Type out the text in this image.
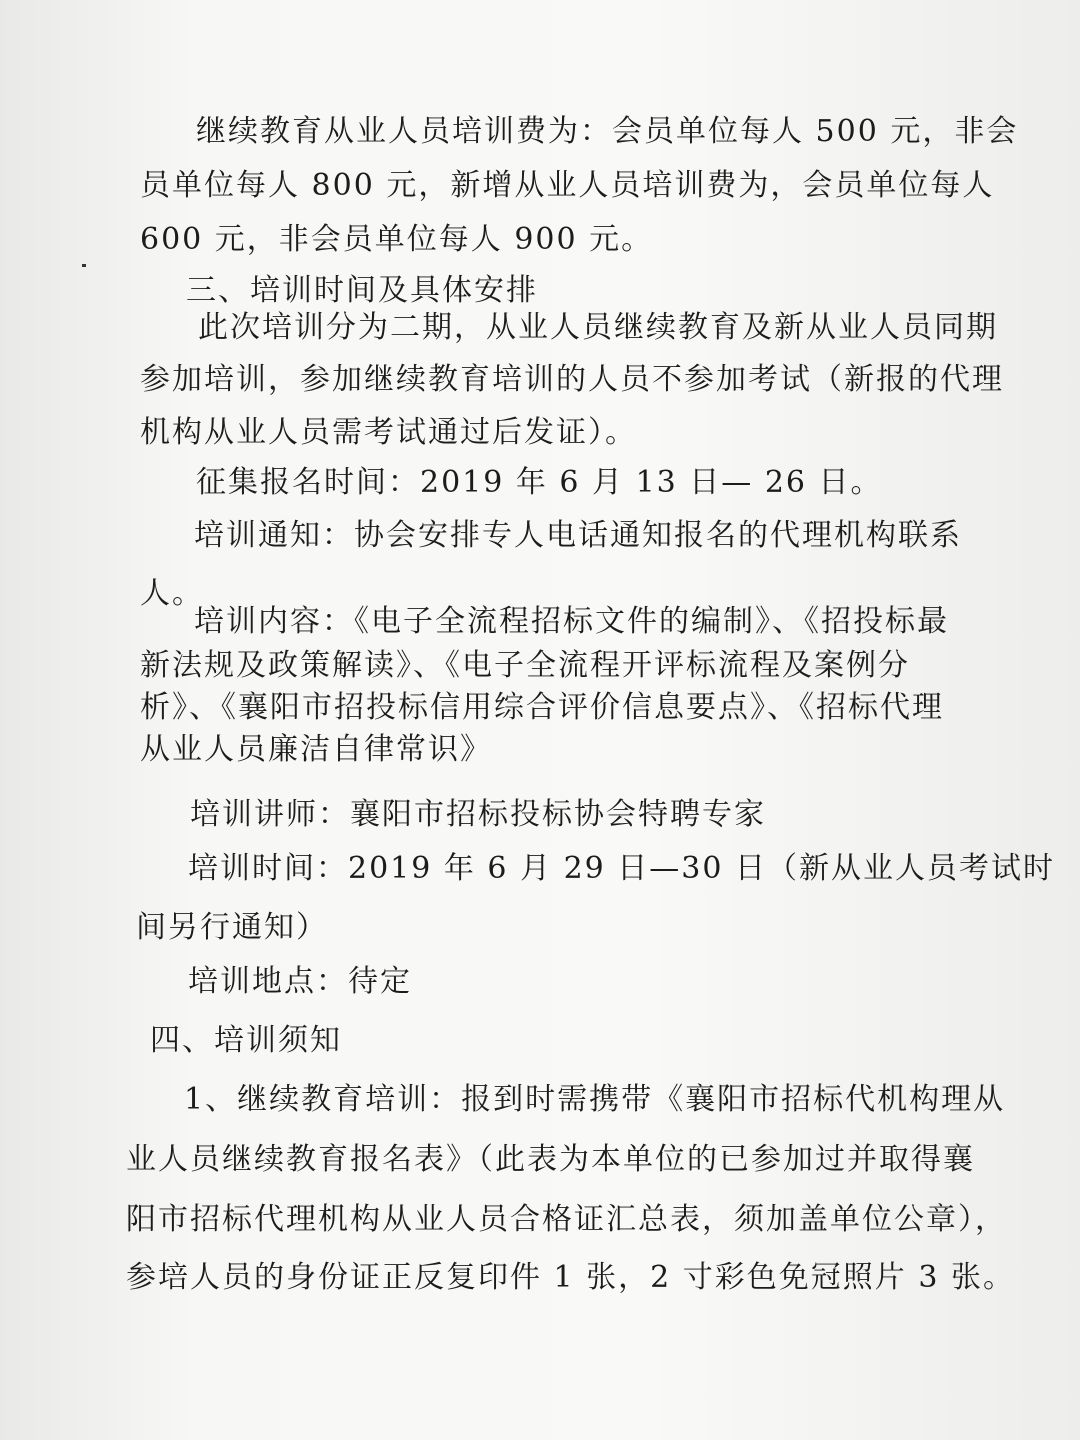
继续教育从业人员培训费为：会员单位每人 500 元，非会
员单位每人 800 元，新增从业人员培训费为，会员单位每人
600 元，非会员单位每人 900 元。
三、培训时间及具体安排
此次培训分为二期，从业人员继续教育及新从业人员同期
参加培训，参加继续教育培训的人员不参加考试（新报的代理
机构从业人员需考试通过后发证）。
征集报名时间：2019 年 6 月 13 日— 26 日。
培训通知：协会安排专人电话通知报名的代理机构联系
人。
培训内容：《电子全流程招标文件的编制》、《招投标最
新法规及政策解读》、《电子全流程开评标流程及案例分
析》、《襄阳市招投标信用综合评价信息要点》、《招标代理
从业人员廉洁自律常识》
培训讲师：襄阳市招标投标协会特聘专家
培训时间：2019 年 6 月 29 日—30 日（新从业人员考试时
间另行通知）
培训地点：待定
四、培训须知
1、继续教育培训：报到时需携带《襄阳市招标代机构理从
业人员继续教育报名表》（此表为本单位的已参加过并取得襄
阳市招标代理机构从业人员合格证汇总表，须加盖单位公章），
参培人员的身份证正反复印件 1 张，2 寸彩色免冠照片 3 张。
